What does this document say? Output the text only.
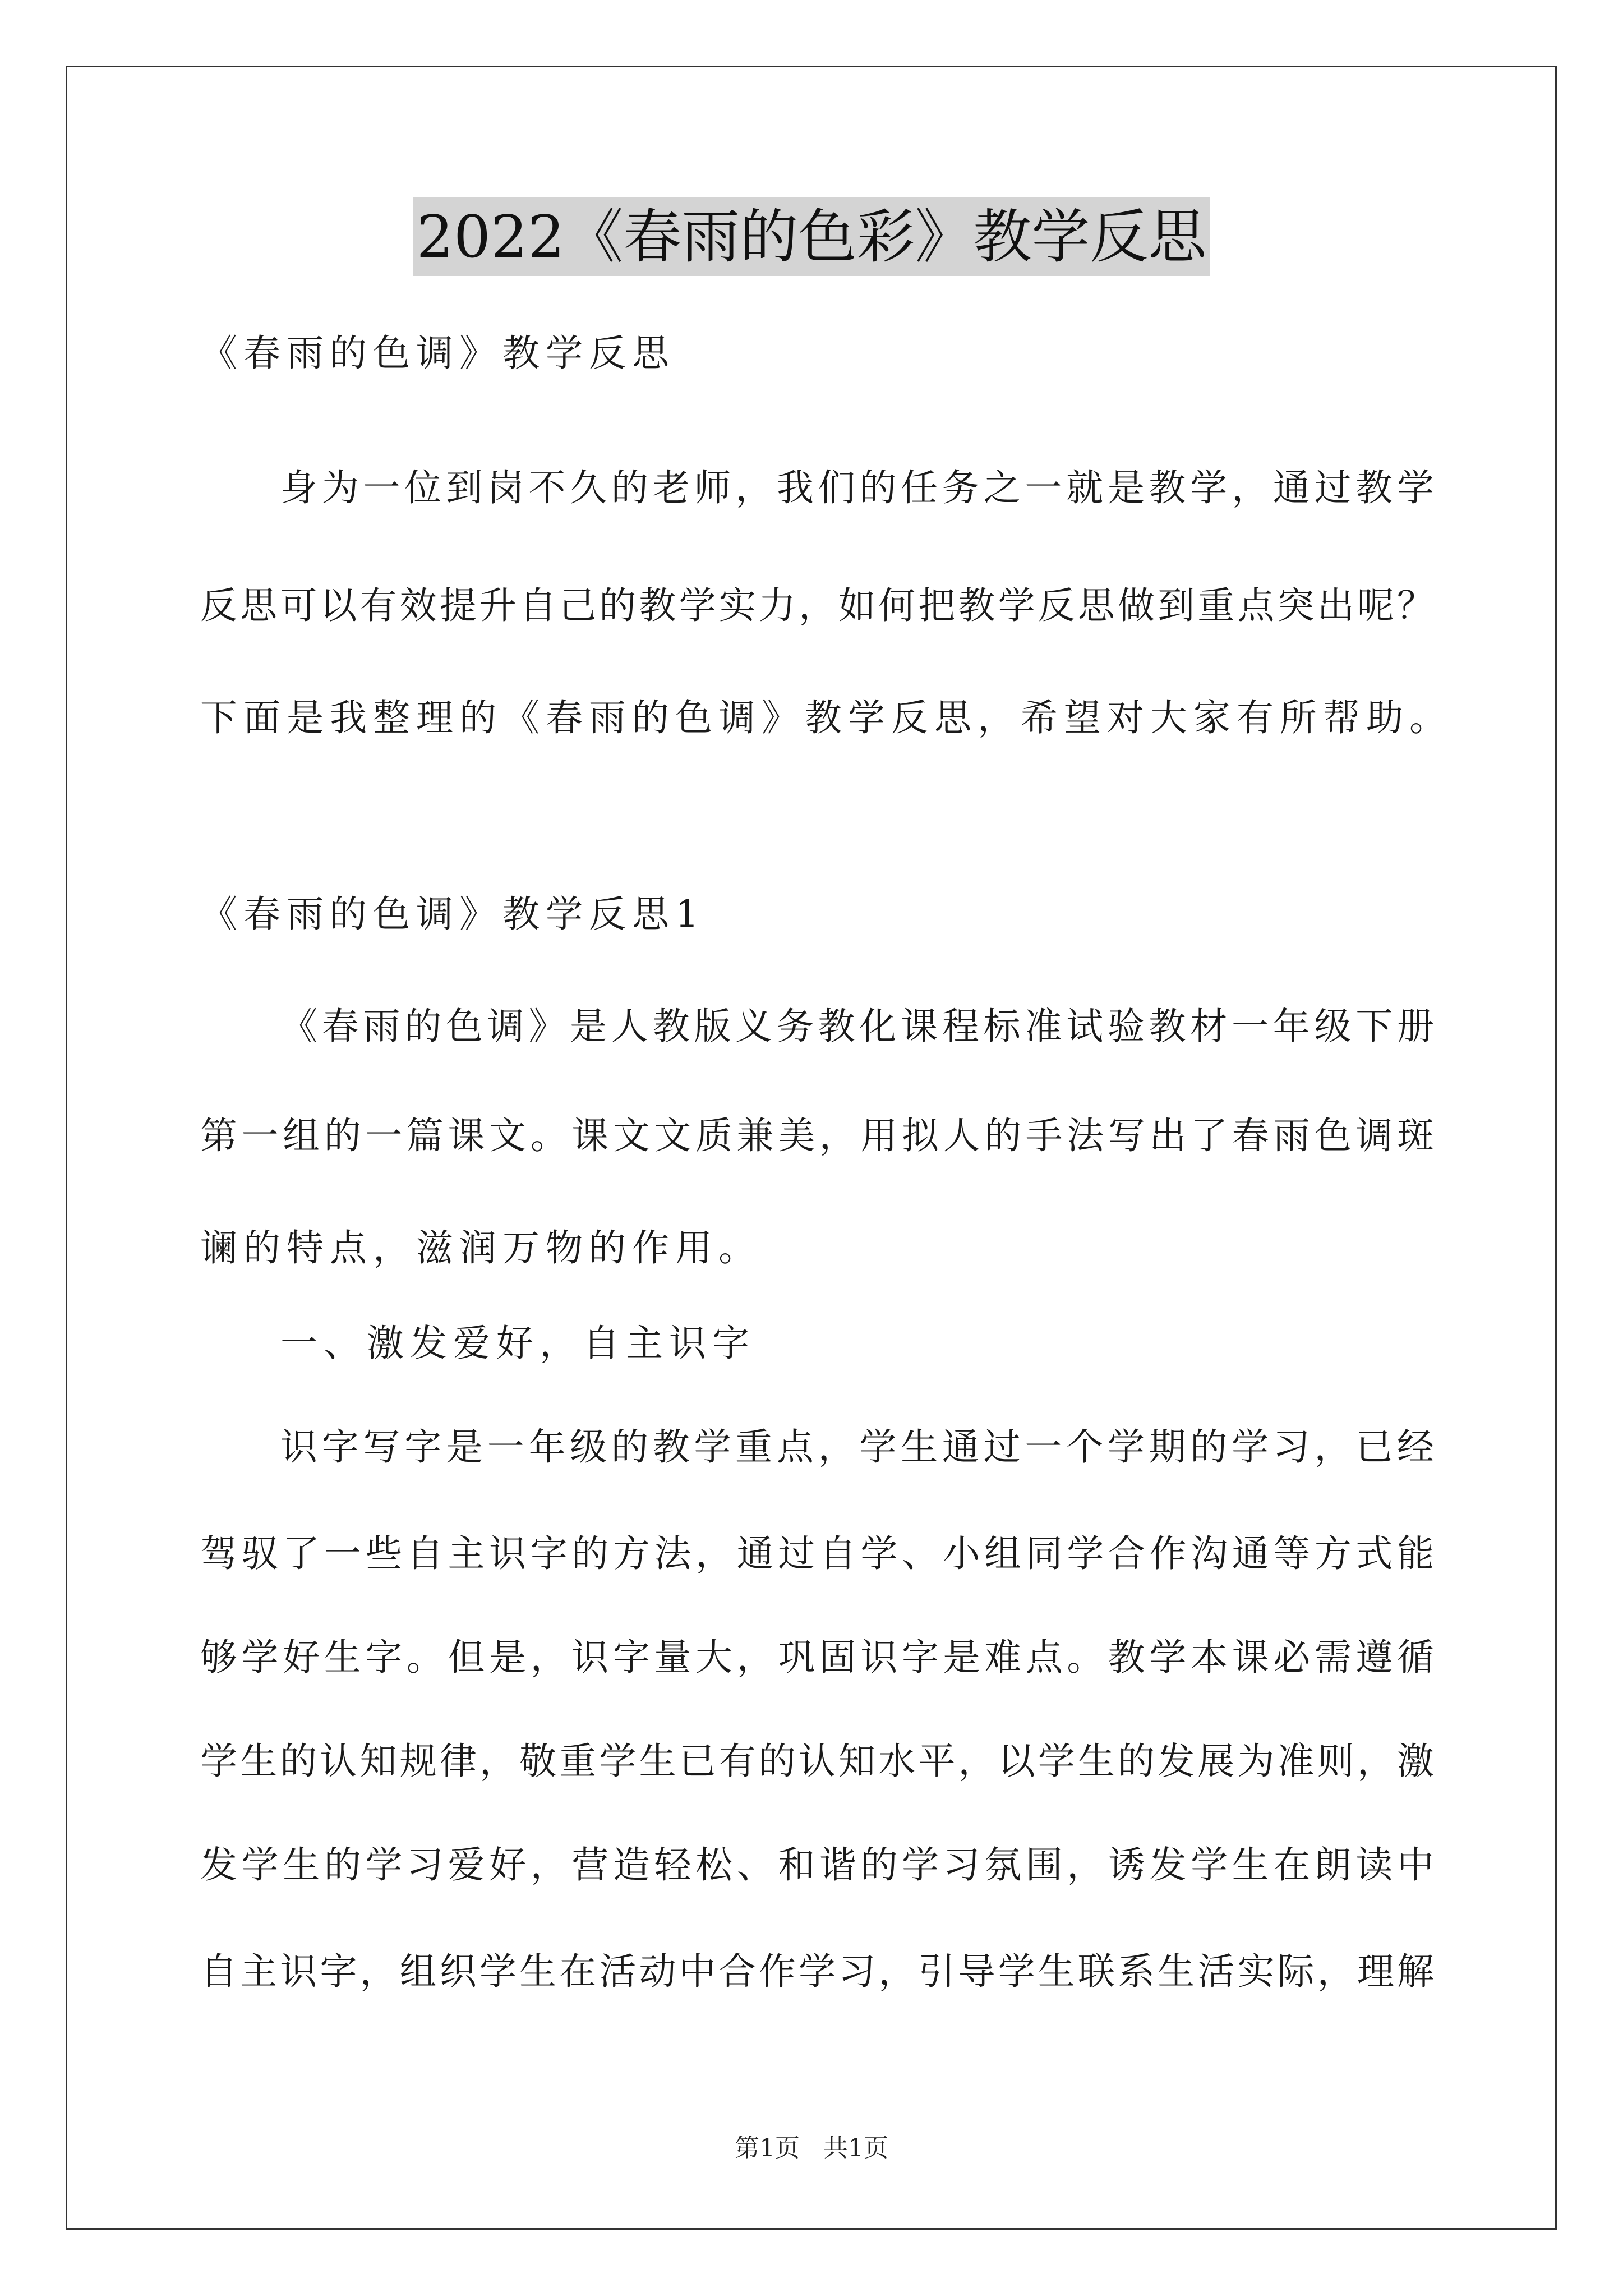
2022《春雨的色彩》教学反思
《春雨的色调》教学反思
身为一位到岗不久的老师，我们的任务之一就是教学，通过教学
反思可以有效提升自己的教学实力，如何把教学反思做到重点突出呢？
下面是我整理的《春雨的色调》教学反思，希望对大家有所帮助。
《春雨的色调》教学反思1
《春雨的色调》是人教版义务教化课程标准试验教材一年级下册
第一组的一篇课文。课文文质兼美，用拟人的手法写出了春雨色调斑
谰的特点，滋润万物的作用。
一、激发爱好，自主识字
识字写字是一年级的教学重点，学生通过一个学期的学习，已经
驾驭了一些自主识字的方法，通过自学、小组同学合作沟通等方式能
够学好生字。但是，识字量大，巩固识字是难点。教学本课必需遵循
学生的认知规律，敬重学生已有的认知水平，以学生的发展为准则，激
发学生的学习爱好，营造轻松、和谐的学习氛围，诱发学生在朗读中
自主识字，组织学生在活动中合作学习，引导学生联系生活实际，理解
第1页 共1页
